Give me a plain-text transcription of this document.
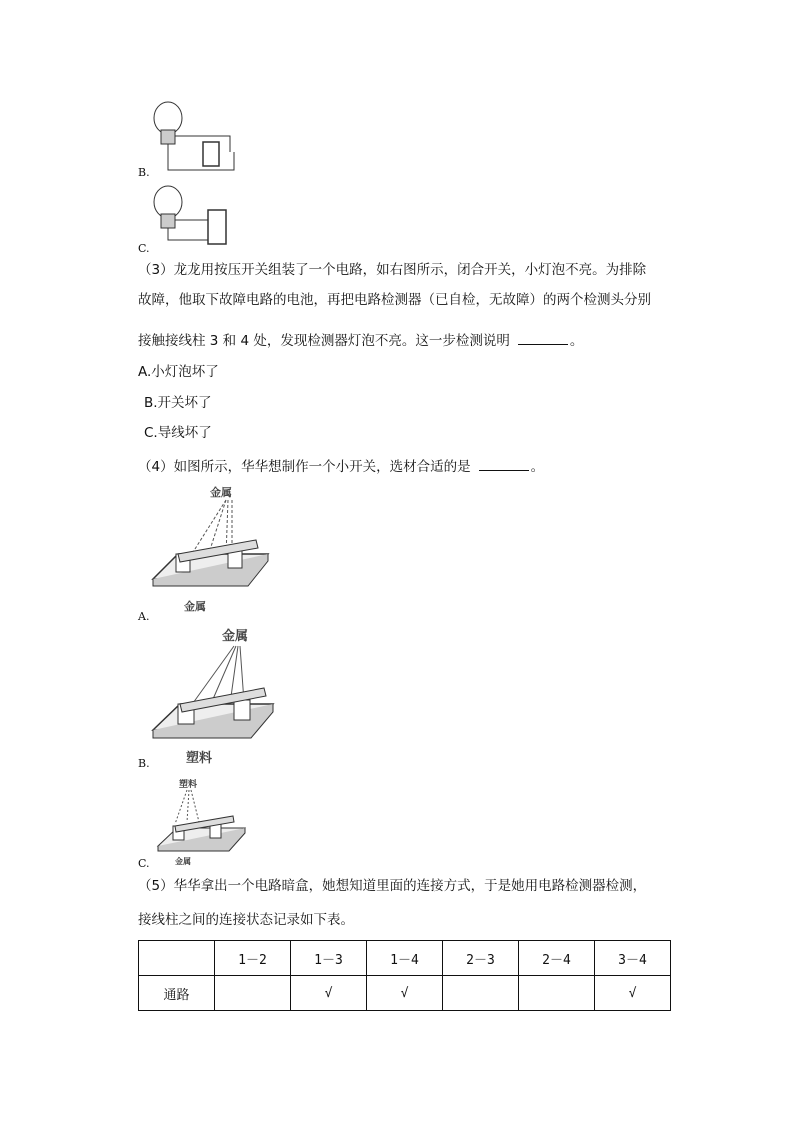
B.
C.
（3）龙龙用按压开关组装了一个电路，如右图所示，闭合开关，小灯泡不亮。为排除
故障，他取下故障电路的电池，再把电路检测器（已自检，无故障）的两个检测头分别
接触接线柱 3 和 4 处，发现检测器灯泡不亮。这一步检测说明	。
A.小灯泡坏了
B.开关坏了
C.导线坏了
（4）如图所示，华华想制作一个小开关，选材合适的是	。
金属
金属
A.
金属
塑料
B.
塑料
金属
C.
（5）华华拿出一个电路暗盒，她想知道里面的连接方式，于是她用电路检测器检测，
接线柱之间的连接状态记录如下表。
	1－2	1－3	1－4	2－3	2－4	3－4
通路		√	√			√
